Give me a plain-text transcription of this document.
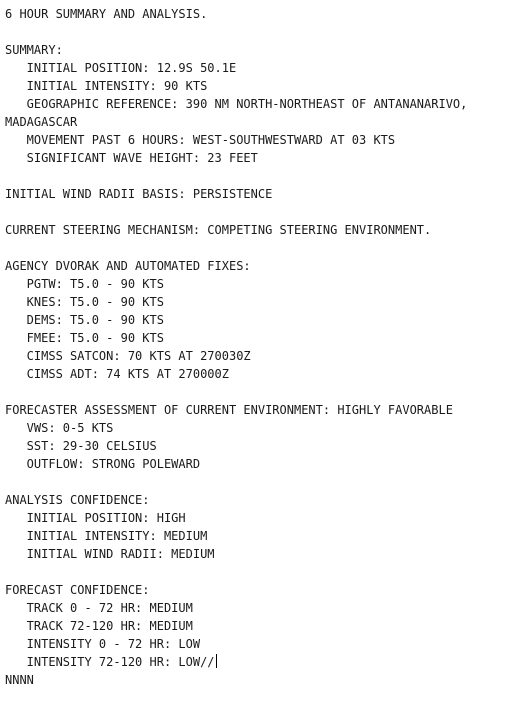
6 HOUR SUMMARY AND ANALYSIS.
SUMMARY:
INITIAL POSITION: 12.9S 50.1E
INITIAL INTENSITY: 90 KTS
GEOGRAPHIC REFERENCE: 390 NM NORTH-NORTHEAST OF ANTANANARIVO,
MADAGASCAR
MOVEMENT PAST 6 HOURS: WEST-SOUTHWESTWARD AT 03 KTS
SIGNIFICANT WAVE HEIGHT: 23 FEET
INITIAL WIND RADII BASIS: PERSISTENCE
CURRENT STEERING MECHANISM: COMPETING STEERING ENVIRONMENT.
AGENCY DVORAK AND AUTOMATED FIXES:
PGTW: T5.0 - 90 KTS
KNES: T5.0 - 90 KTS
DEMS: T5.0 - 90 KTS
FMEE: T5.0 - 90 KTS
CIMSS SATCON: 70 KTS AT 270030Z
CIMSS ADT: 74 KTS AT 270000Z
FORECASTER ASSESSMENT OF CURRENT ENVIRONMENT: HIGHLY FAVORABLE
VWS: 0-5 KTS
SST: 29-30 CELSIUS
OUTFLOW: STRONG POLEWARD
ANALYSIS CONFIDENCE:
INITIAL POSITION: HIGH
INITIAL INTENSITY: MEDIUM
INITIAL WIND RADII: MEDIUM
FORECAST CONFIDENCE:
TRACK 0 - 72 HR: MEDIUM
TRACK 72-120 HR: MEDIUM
INTENSITY 0 - 72 HR: LOW
INTENSITY 72-120 HR: LOW//
NNNN
